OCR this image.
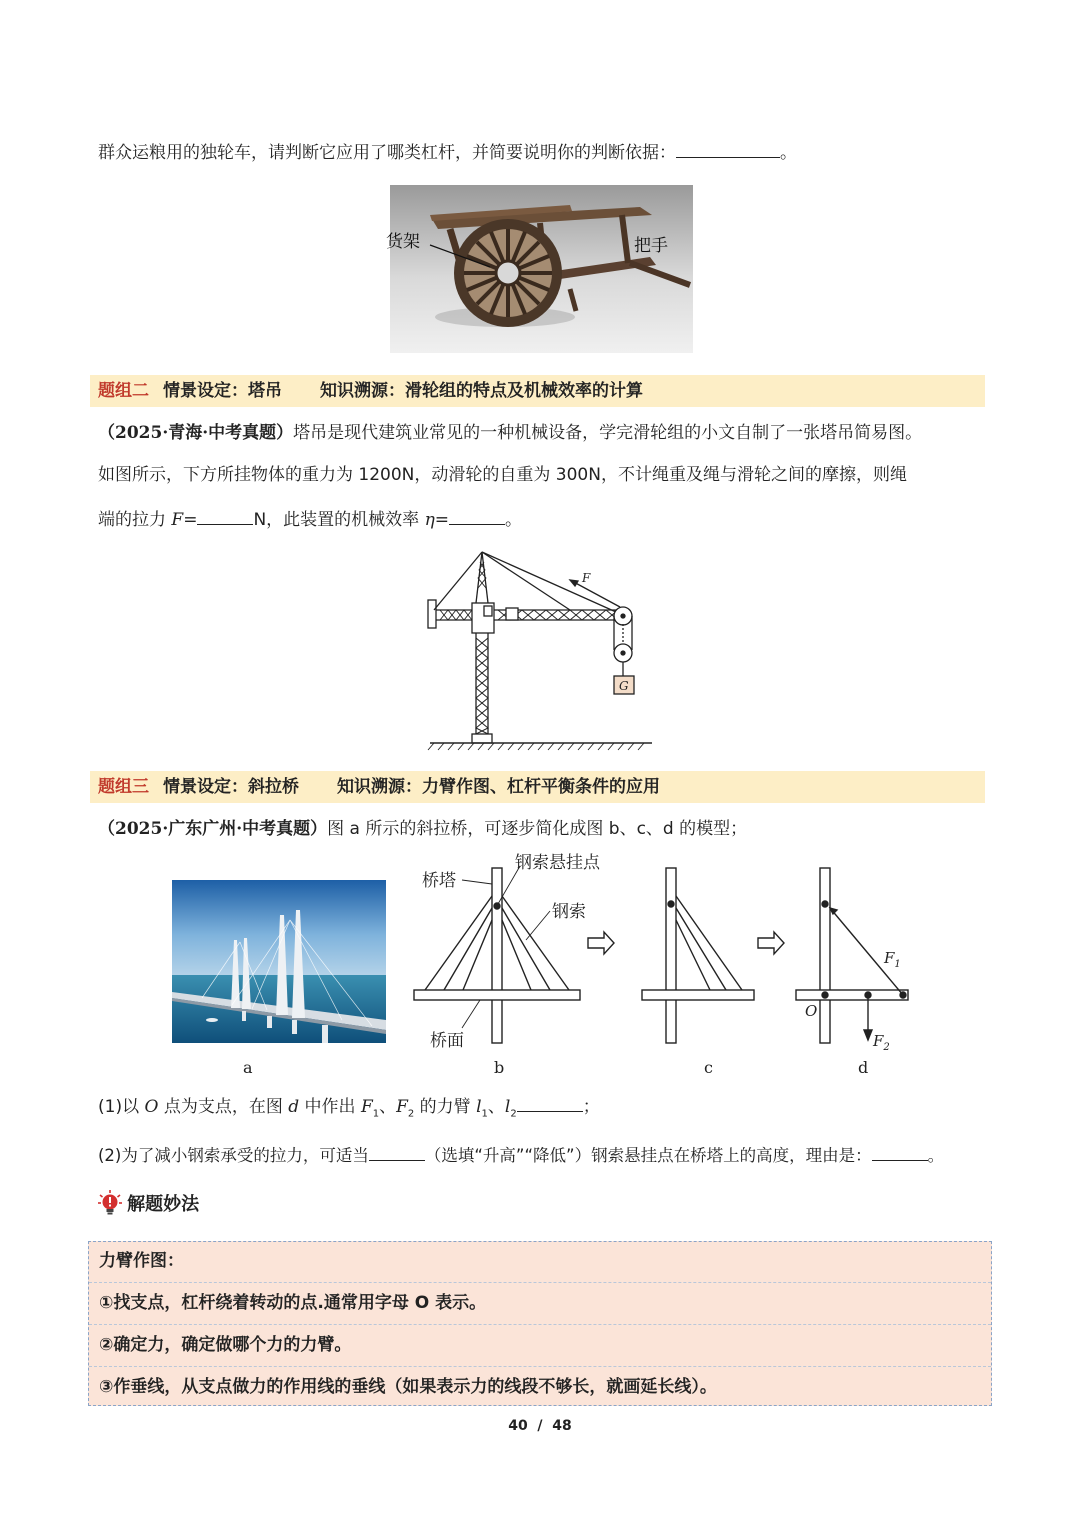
群众运粮用的独轮车，请判断它应用了哪类杠杆，并简要说明你的判断依据：	。
货架	把手
题组二 情景设定：塔吊 知识溯源：滑轮组的特点及机械效率的计算
（2025·青海·中考真题）塔吊是现代建筑业常见的一种机械设备，学完滑轮组的小文自制了一张塔吊简易图。
如图所示，下方所挂物体的重力为 1200N，动滑轮的自重为 300N，不计绳重及绳与滑轮之间的摩擦，则绳
端的拉力 F=	N，此装置的机械效率 η=	。
F
G
题组三 情景设定：斜拉桥 知识溯源：力臂作图、杠杆平衡条件的应用
（2025·广东广州·中考真题）图 a 所示的斜拉桥，可逐步简化成图 b、c、d 的模型；
桥塔
钢索悬挂点
钢索
桥面
O
$F_1$
$F_2$
a	b	c	d
(1)以 O 点为支点，在图 d 中作出 $F_1$、$F_2$ 的力臂 $l_1$、$l_2$	；
(2)为了减小钢索承受的拉力，可适当	（选填“升高”“降低”）钢索悬挂点在桥塔上的高度，理由是：	。
解题妙法
力臂作图：
①找支点，杠杆绕着转动的点.通常用字母 O 表示。
②确定力，确定做哪个力的力臂。
③作垂线，从支点做力的作用线的垂线（如果表示力的线段不够长，就画延长线）。
40  /  48
